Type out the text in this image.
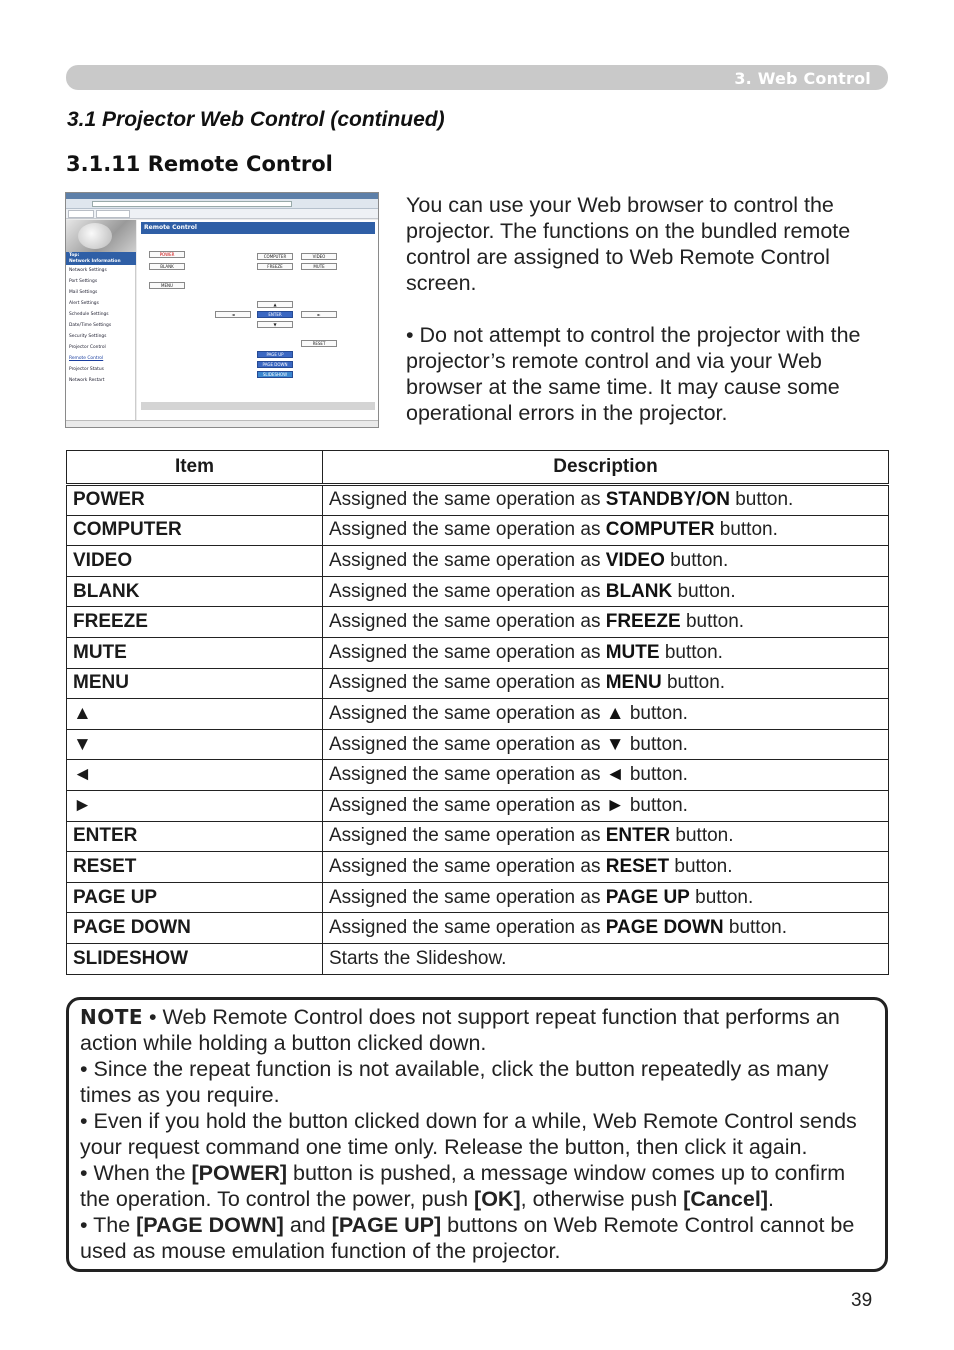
3. Web Control
3.1 Projector Web Control (continued)
3.1.11 Remote Control
Top:
Network Information
Network Settings
Port Settings
Mail Settings
Alert Settings
Schedule Settings
Date/Time Settings
Security Settings
Projector Control
Remote Control
Projector Status
Network Restart
Remote Control
POWER
BLANK	FREEZE	MUTE
COMPUTER	VIDEO
MENU
▲
◄	ENTER	►
▼
RESET
PAGE UP
PAGE DOWN
SLIDESHOW

You can use your Web browser to control the projector. The functions on the bundled remote control are assigned to Web Remote Control screen.

• Do not attempt to control the projector with the projector’s remote control and via your Web browser at the same time. It may cause some operational errors in the projector.

Item	Description
POWER	Assigned the same operation as STANDBY/ON button.
COMPUTER	Assigned the same operation as COMPUTER button.
VIDEO	Assigned the same operation as VIDEO button.
BLANK	Assigned the same operation as BLANK button.
FREEZE	Assigned the same operation as FREEZE button.
MUTE	Assigned the same operation as MUTE button.
MENU	Assigned the same operation as MENU button.
▲	Assigned the same operation as ▲ button.
▼	Assigned the same operation as ▼ button.
◄	Assigned the same operation as ◄ button.
►	Assigned the same operation as ► button.
ENTER	Assigned the same operation as ENTER button.
RESET	Assigned the same operation as RESET button.
PAGE UP	Assigned the same operation as PAGE UP button.
PAGE DOWN	Assigned the same operation as PAGE DOWN button.
SLIDESHOW	Starts the Slideshow.

NOTE • Web Remote Control does not support repeat function that performs an action while holding a button clicked down.

• Since the repeat function is not available, click the button repeatedly as many times as you require.

• Even if you hold the button clicked down for a while, Web Remote Control sends your request command one time only. Release the button, then click it again.

• When the [POWER] button is pushed, a message window comes up to confirm the operation. To control the power, push [OK], otherwise push [Cancel].

• The [PAGE DOWN] and [PAGE UP] buttons on Web Remote Control cannot be used as mouse emulation function of the projector.

39
